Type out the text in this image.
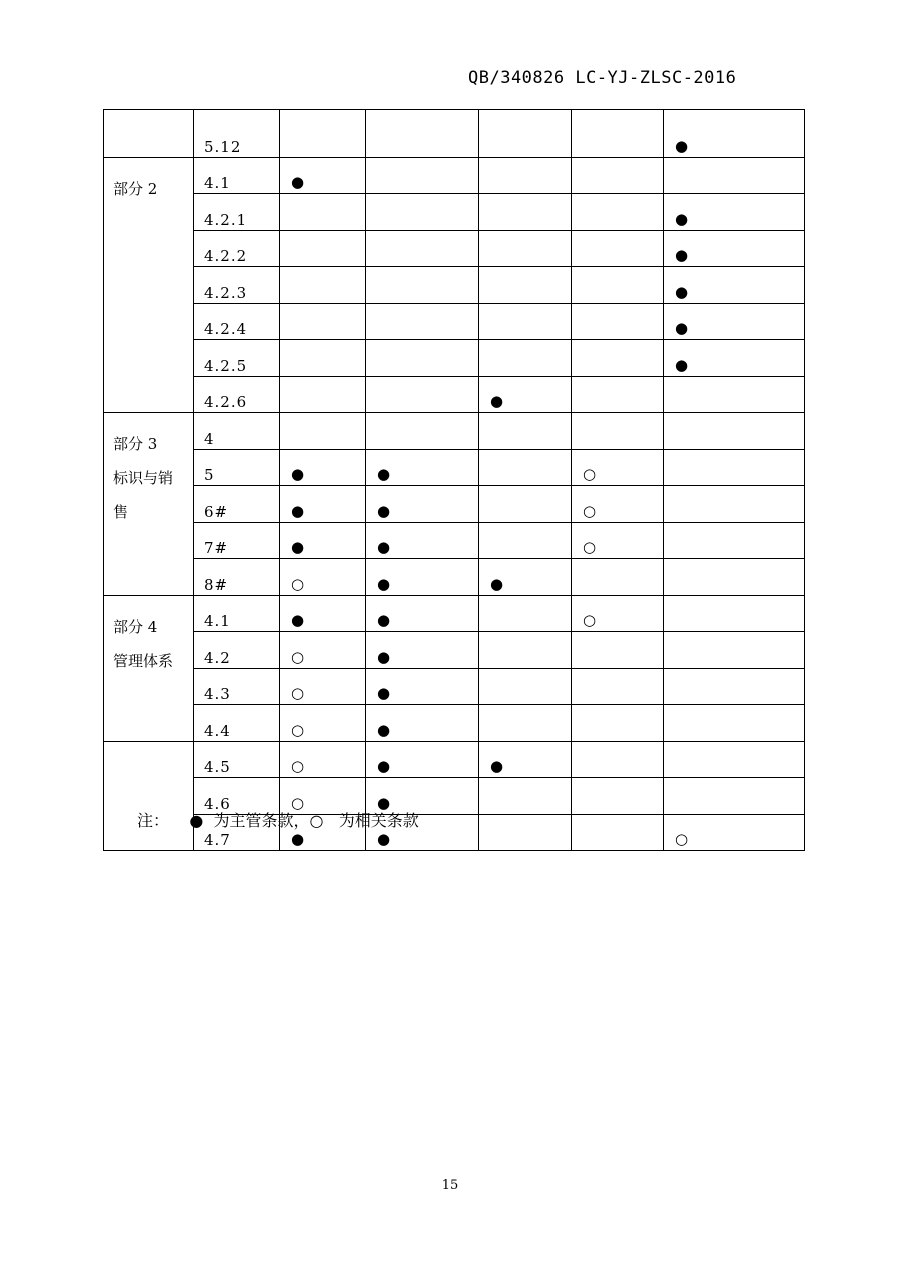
QB/340826 LC-YJ-ZLSC-2016
	5.12					●

部分 2	4.1	●				
	4.2.1					●
	4.2.2					●
	4.2.3					●
	4.2.4					●
	4.2.5					●
	4.2.6			●		

部分 3
标识与销
售	4					
	5	●	●		○	
	6#	●	●		○	
	7#	●	●		○	
	8#	○	●	●		

部分 4
管理体系	4.1	●	●		○	
	4.2	○	●			
	4.3	○	●			
	4.4	○	●			
	4.5	○	●	●		
	4.6	○	●			
	4.7	●	●			○
注：    ●  为主管条款，○   为相关条款
15
